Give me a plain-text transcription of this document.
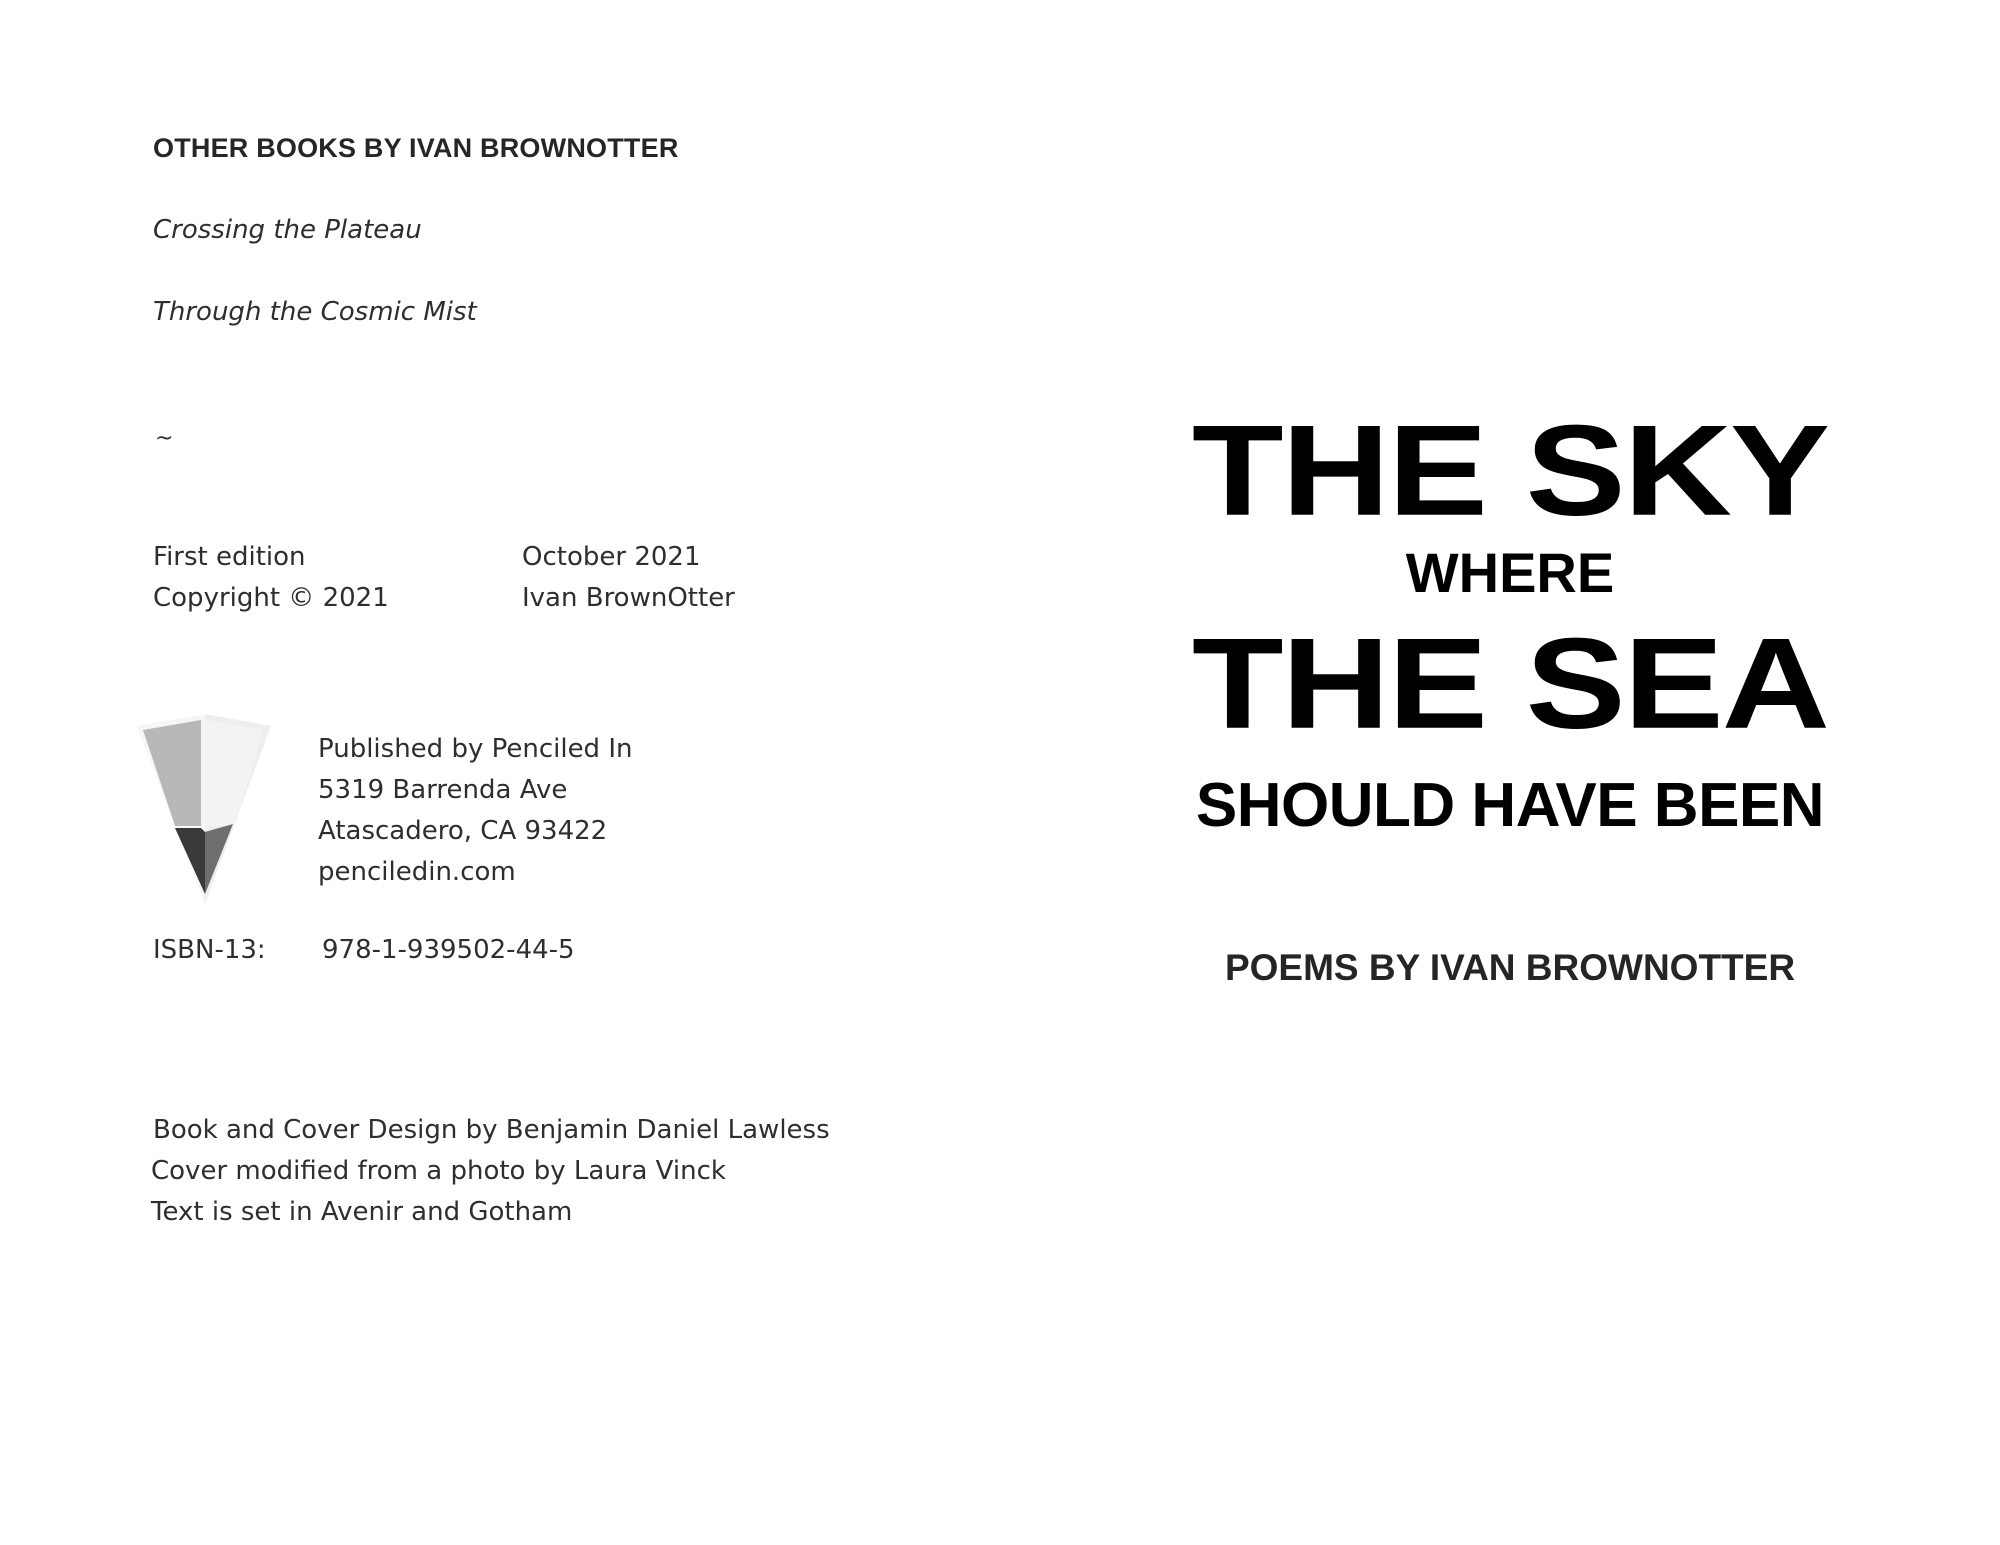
OTHER BOOKS BY IVAN BROWNOTTER
Crossing the Plateau
Through the Cosmic Mist
~
First edition	October 2021
Copyright © 2021	Ivan BrownOtter
Published by Penciled In
5319 Barrenda Ave
Atascadero, CA 93422
penciledin.com
ISBN-13: 978-1-939502-44-5
Book and Cover Design by Benjamin Daniel Lawless
Cover modified from a photo by Laura Vinck
Text is set in Avenir and Gotham
THE SKY
WHERE
THE SEA
SHOULD HAVE BEEN
POEMS BY IVAN BROWNOTTER
